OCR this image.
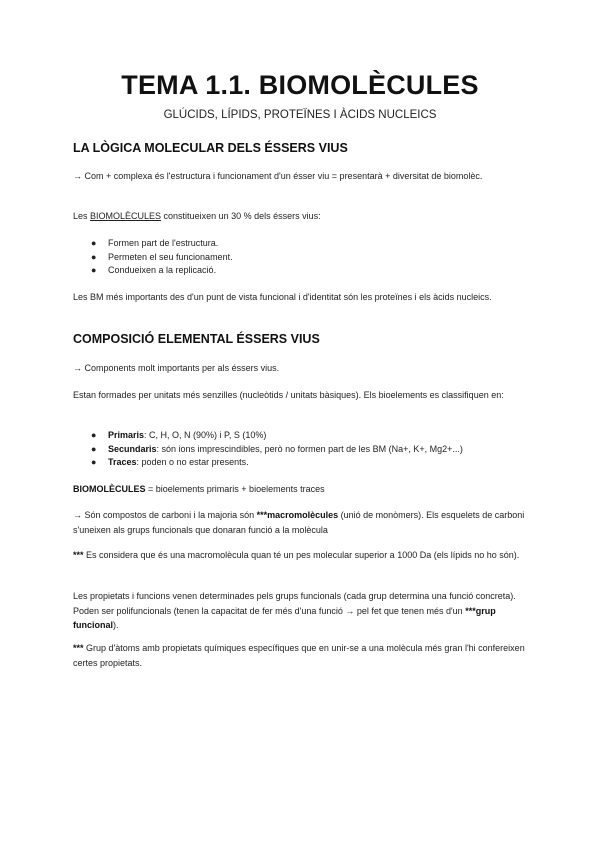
TEMA 1.1. BIOMOLÈCULES
GLÚCIDS, LÍPIDS, PROTEÏNES I ÀCIDS NUCLEICS
LA LÒGICA MOLECULAR DELS ÉSSERS VIUS

→ Com + complexa és l'estructura i funcionament d'un ésser viu = presentarà + diversitat de biomolèc.

Les BIOMOLÈCULES constitueixen un 30 % dels éssers vius:

● Formen part de l'estructura.
● Permeten el seu funcionament.
● Condueixen a la replicació.

Les BM més importants des d'un punt de vista funcional i d'identitat són les proteïnes i els àcids nucleics.

COMPOSICIÓ ELEMENTAL ÉSSERS VIUS

→ Components molt importants per als éssers vius.

Estan formades per unitats més senzilles (nucleòtids / unitats bàsiques). Els bioelements es classifiquen en:

● Primaris: C, H, O, N (90%) i P, S (10%)
● Secundaris: són ions imprescindibles, però no formen part de les BM (Na+, K+, Mg2+...)
● Traces: poden o no estar presents.

BIOMOLÈCULES = bioelements primaris + bioelements traces

→ Són compostos de carboni i la majoria són ***macromolècules (unió de monòmers). Els esquelets de carboni s'uneixen als grups funcionals que donaran funció a la molècula

*** Es considera que és una macromolècula quan té un pes molecular superior a 1000 Da (els lípids no ho són).

Les propietats i funcions venen determinades pels grups funcionals (cada grup determina una funció concreta). Poden ser polifuncionals (tenen la capacitat de fer més d'una funció → pel fet que tenen més d'un ***grup funcional).

*** Grup d'àtoms amb propietats químiques específiques que en unir-se a una molècula més gran l'hi confereixen certes propietats.
